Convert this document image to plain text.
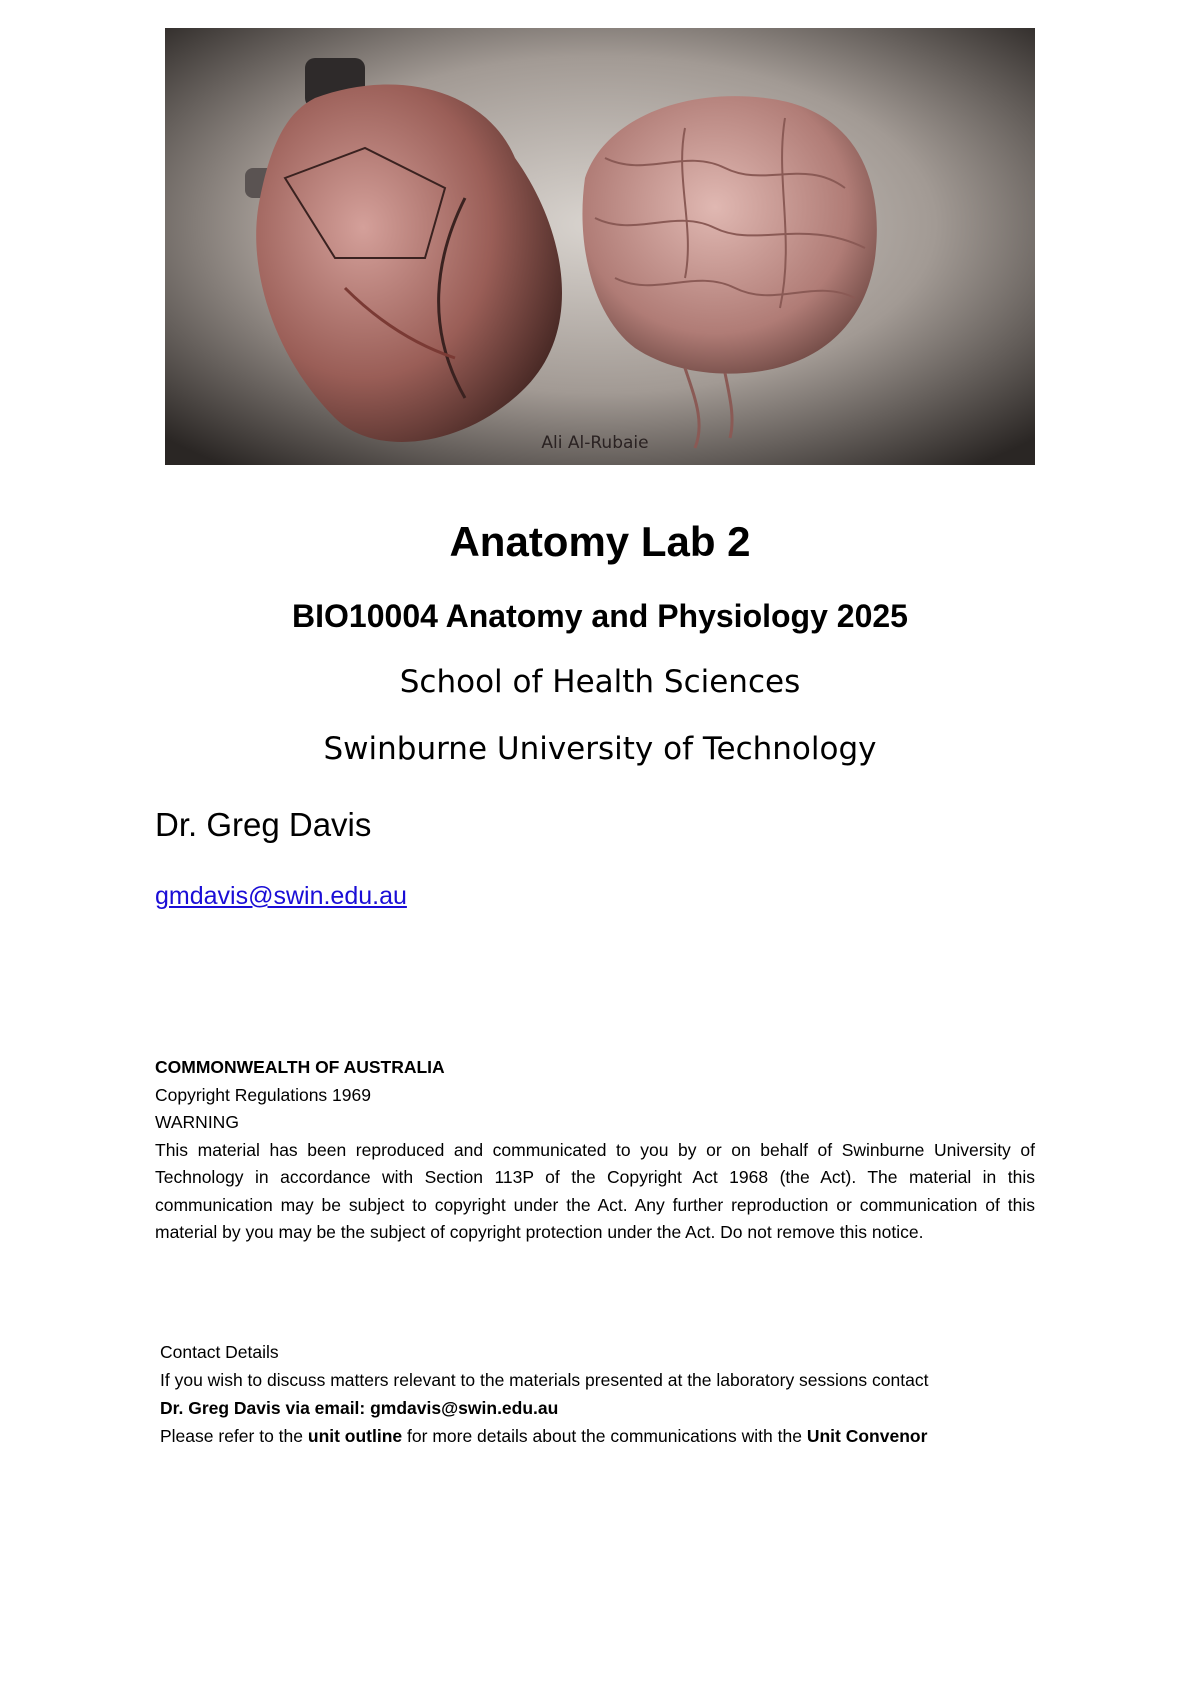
Ali Al-Rubaie
Anatomy Lab 2
BIO10004 Anatomy and Physiology 2025
School of Health Sciences
Swinburne University of Technology
Dr. Greg Davis
gmdavis@swin.edu.au

COMMONWEALTH OF AUSTRALIA

Copyright Regulations 1969

WARNING

This material has been reproduced and communicated to you by or on behalf of Swinburne University of Technology in accordance with Section 113P of the Copyright Act 1968 (the Act). The material in this communication may be subject to copyright under the Act. Any further reproduction or communication of this material by you may be the subject of copyright protection under the Act. Do not remove this notice.

Contact Details

If you wish to discuss matters relevant to the materials presented at the laboratory sessions contact

Dr. Greg Davis via email: gmdavis@swin.edu.au

Please refer to the unit outline for more details about the communications with the Unit Convenor
